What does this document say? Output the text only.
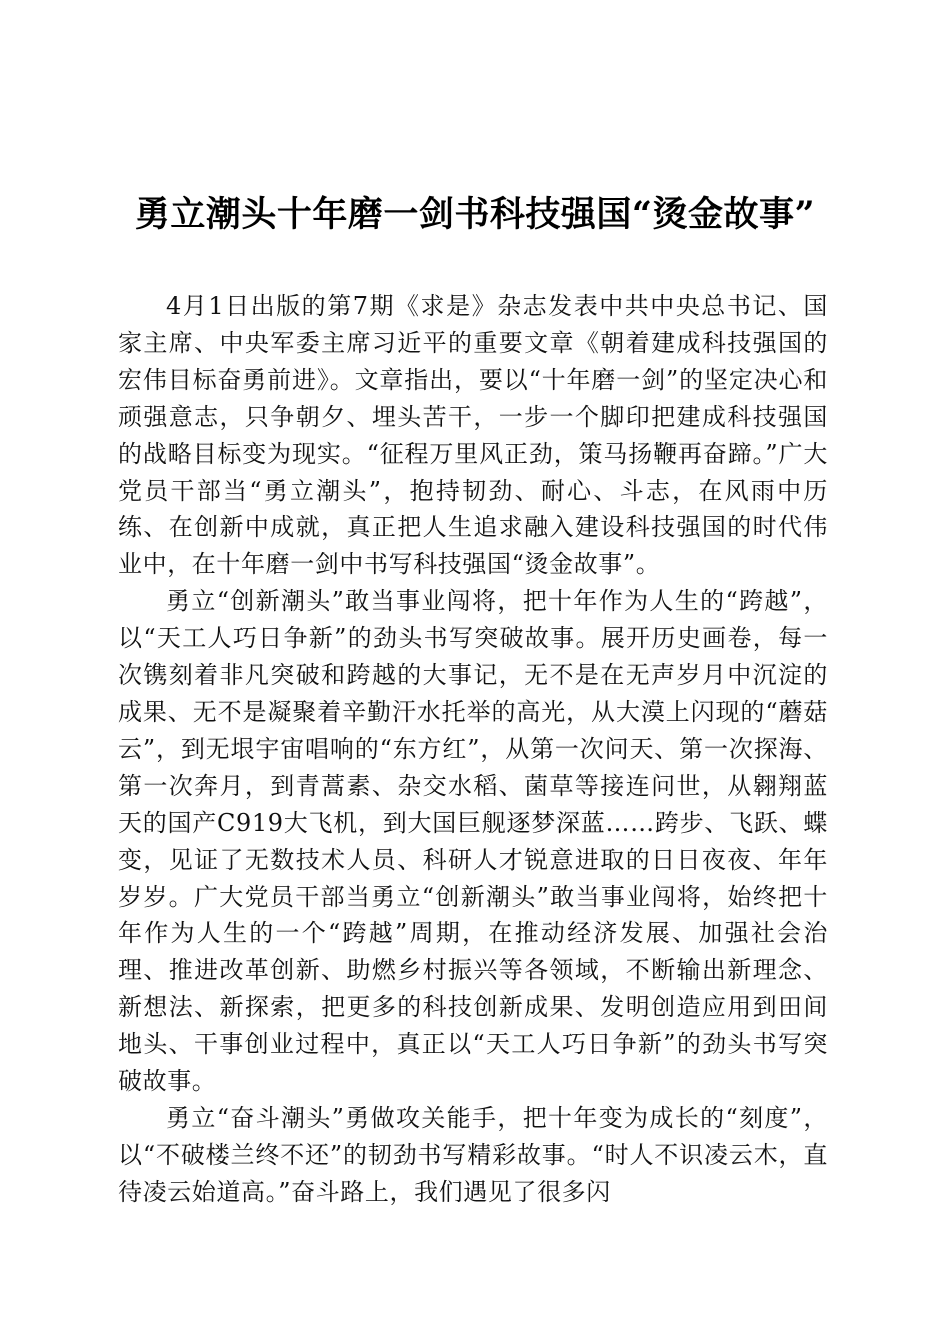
勇立潮头十年磨一剑书科技强国“烫金故事”

4月1日出版的第7期《求是》杂志发表中共中央总书记、国家主席、中央军委主席习近平的重要文章《朝着建成科技强国的宏伟目标奋勇前进》。文章指出，要以“十年磨一剑”的坚定决心和顽强意志，只争朝夕、埋头苦干，一步一个脚印把建成科技强国的战略目标变为现实。“征程万里风正劲，策马扬鞭再奋蹄。”广大党员干部当“勇立潮头”，抱持韧劲、耐心、斗志，在风雨中历练、在创新中成就，真正把人生追求融入建设科技强国的时代伟业中，在十年磨一剑中书写科技强国“烫金故事”。

勇立“创新潮头”敢当事业闯将，把十年作为人生的“跨越”，以“天工人巧日争新”的劲头书写突破故事。展开历史画卷，每一次镌刻着非凡突破和跨越的大事记，无不是在无声岁月中沉淀的成果、无不是凝聚着辛勤汗水托举的高光，从大漠上闪现的“蘑菇云”，到无垠宇宙唱响的“东方红”，从第一次问天、第一次探海、第一次奔月，到青蒿素、杂交水稻、菌草等接连问世，从翱翔蓝天的国产C919大飞机，到大国巨舰逐梦深蓝……跨步、飞跃、蝶变，见证了无数技术人员、科研人才锐意进取的日日夜夜、年年岁岁。广大党员干部当勇立“创新潮头”敢当事业闯将，始终把十年作为人生的一个“跨越”周期，在推动经济发展、加强社会治理、推进改革创新、助燃乡村振兴等各领域，不断输出新理念、新想法、新探索，把更多的科技创新成果、发明创造应用到田间地头、干事创业过程中，真正以“天工人巧日争新”的劲头书写突破故事。

勇立“奋斗潮头”勇做攻关能手，把十年变为成长的“刻度”，以“不破楼兰终不还”的韧劲书写精彩故事。“时人不识凌云木，直待凌云始道高。”奋斗路上，我们遇见了很多闪
